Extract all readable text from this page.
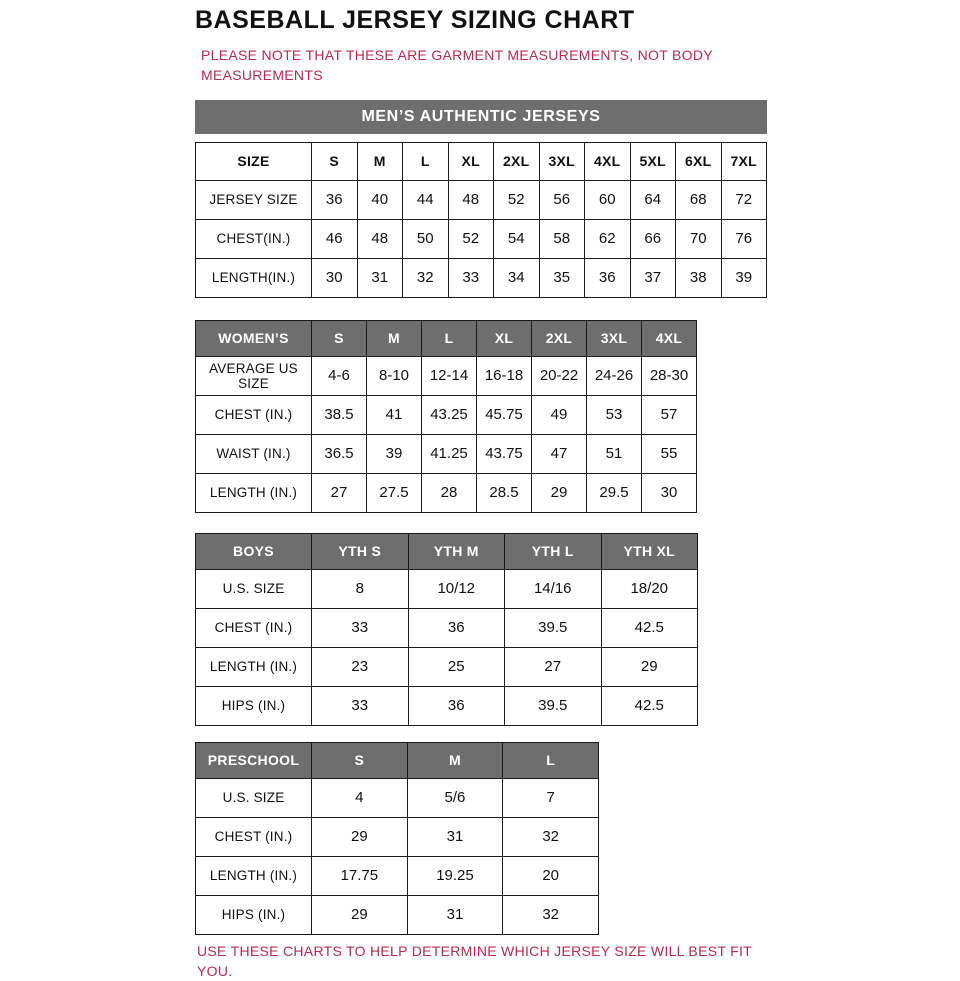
BASEBALL JERSEY SIZING CHART

PLEASE NOTE THAT THESE ARE GARMENT MEASUREMENTS, NOT BODY MEASUREMENTS

MEN’S AUTHENTIC JERSEYS
SIZE	S	M	L	XL	2XL	3XL	4XL	5XL	6XL	7XL
JERSEY SIZE	36	40	44	48	52	56	60	64	68	72
CHEST(IN.)	46	48	50	52	54	58	62	66	70	76
LENGTH(IN.)	30	31	32	33	34	35	36	37	38	39
WOMEN’S	S	M	L	XL	2XL	3XL	4XL
AVERAGE US SIZE	4-6	8-10	12-14	16-18	20-22	24-26	28-30
CHEST (IN.)	38.5	41	43.25	45.75	49	53	57
WAIST (IN.)	36.5	39	41.25	43.75	47	51	55
LENGTH (IN.)	27	27.5	28	28.5	29	29.5	30
BOYS	YTH S	YTH M	YTH L	YTH XL
U.S. SIZE	8	10/12	14/16	18/20
CHEST (IN.)	33	36	39.5	42.5
LENGTH (IN.)	23	25	27	29
HIPS (IN.)	33	36	39.5	42.5
PRESCHOOL	S	M	L
U.S. SIZE	4	5/6	7
CHEST (IN.)	29	31	32
LENGTH (IN.)	17.75	19.25	20
HIPS (IN.)	29	31	32

USE THESE CHARTS TO HELP DETERMINE WHICH JERSEY SIZE WILL BEST FIT YOU.
